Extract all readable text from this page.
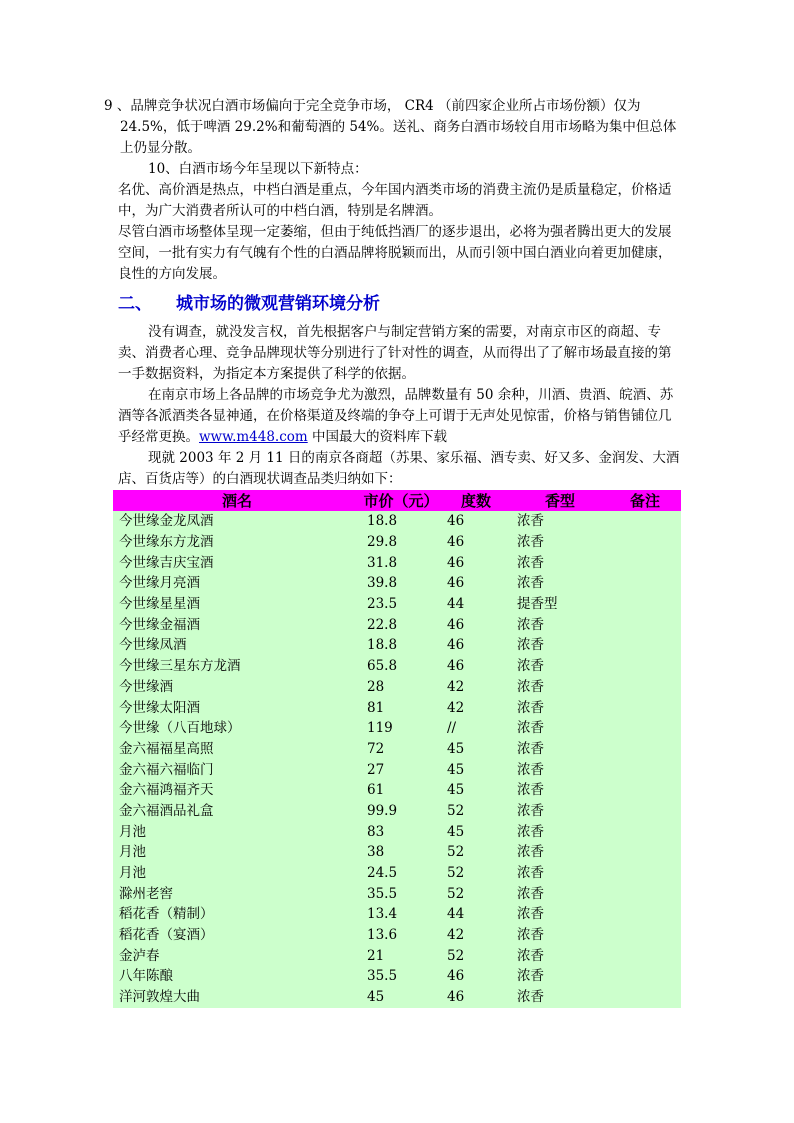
9 、品牌竞争状况白酒市场偏向于完全竞争市场， CR4 （前四家企业所占市场份额）仅为
24.5%，低于啤酒 29.2%和葡萄酒的 54%。送礼、商务白酒市场较自用市场略为集中但总体上仍显分散。

10、白酒市场今年呈现以下新特点：
名优、高价酒是热点，中档白酒是重点，今年国内酒类市场的消费主流仍是质量稳定，价格适中，为广大消费者所认可的中档白酒，特别是名牌酒。
尽管白酒市场整体呈现一定萎缩，但由于纯低挡酒厂的逐步退出，必将为强者腾出更大的发展空间，一批有实力有气魄有个性的白酒品牌将脱颖而出，从而引领中国白酒业向着更加健康，良性的方向发展。
二、 城市场的微观营销环境分析
没有调查，就没发言权，首先根据客户与制定营销方案的需要，对南京市区的商超、专卖、消费者心理、竞争品牌现状等分别进行了针对性的调查，从而得出了了解市场最直接的第一手数据资料，为指定本方案提供了科学的依据。
在南京市场上各品牌的市场竞争尤为激烈，品牌数量有 50 余种，川酒、贵酒、皖酒、苏酒等各派酒类各显神通，在价格渠道及终端的争夺上可谓于无声处见惊雷，价格与销售铺位几乎经常更换。www.m448.com 中国最大的资料库下载
现就 2003 年 2 月 11 日的南京各商超（苏果、家乐福、酒专卖、好又多、金润发、大酒店、百货店等）的白酒现状调查品类归纳如下：
酒名	市价（元）	度数	香型	备注
今世缘金龙凤酒	18.8	46	浓香	
今世缘东方龙酒	29.8	46	浓香	
今世缘吉庆宝酒	31.8	46	浓香	
今世缘月亮酒	39.8	46	浓香	
今世缘星星酒	23.5	44	提香型	
今世缘金福酒	22.8	46	浓香	
今世缘凤酒	18.8	46	浓香	
今世缘三星东方龙酒	65.8	46	浓香	
今世缘酒	28	42	浓香	
今世缘太阳酒	81	42	浓香	
今世缘（八百地球）	119	//	浓香	
金六福福星高照	72	45	浓香	
金六福六福临门	27	45	浓香	
金六福鸿福齐天	61	45	浓香	
金六福酒品礼盒	99.9	52	浓香	
月池	83	45	浓香	
月池	38	52	浓香	
月池	24.5	52	浓香	
滁州老窖	35.5	52	浓香	
稻花香（精制）	13.4	44	浓香	
稻花香（宴酒）	13.6	42	浓香	
金泸春	21	52	浓香	
八年陈酿	35.5	46	浓香	
洋河敦煌大曲	45	46	浓香	
